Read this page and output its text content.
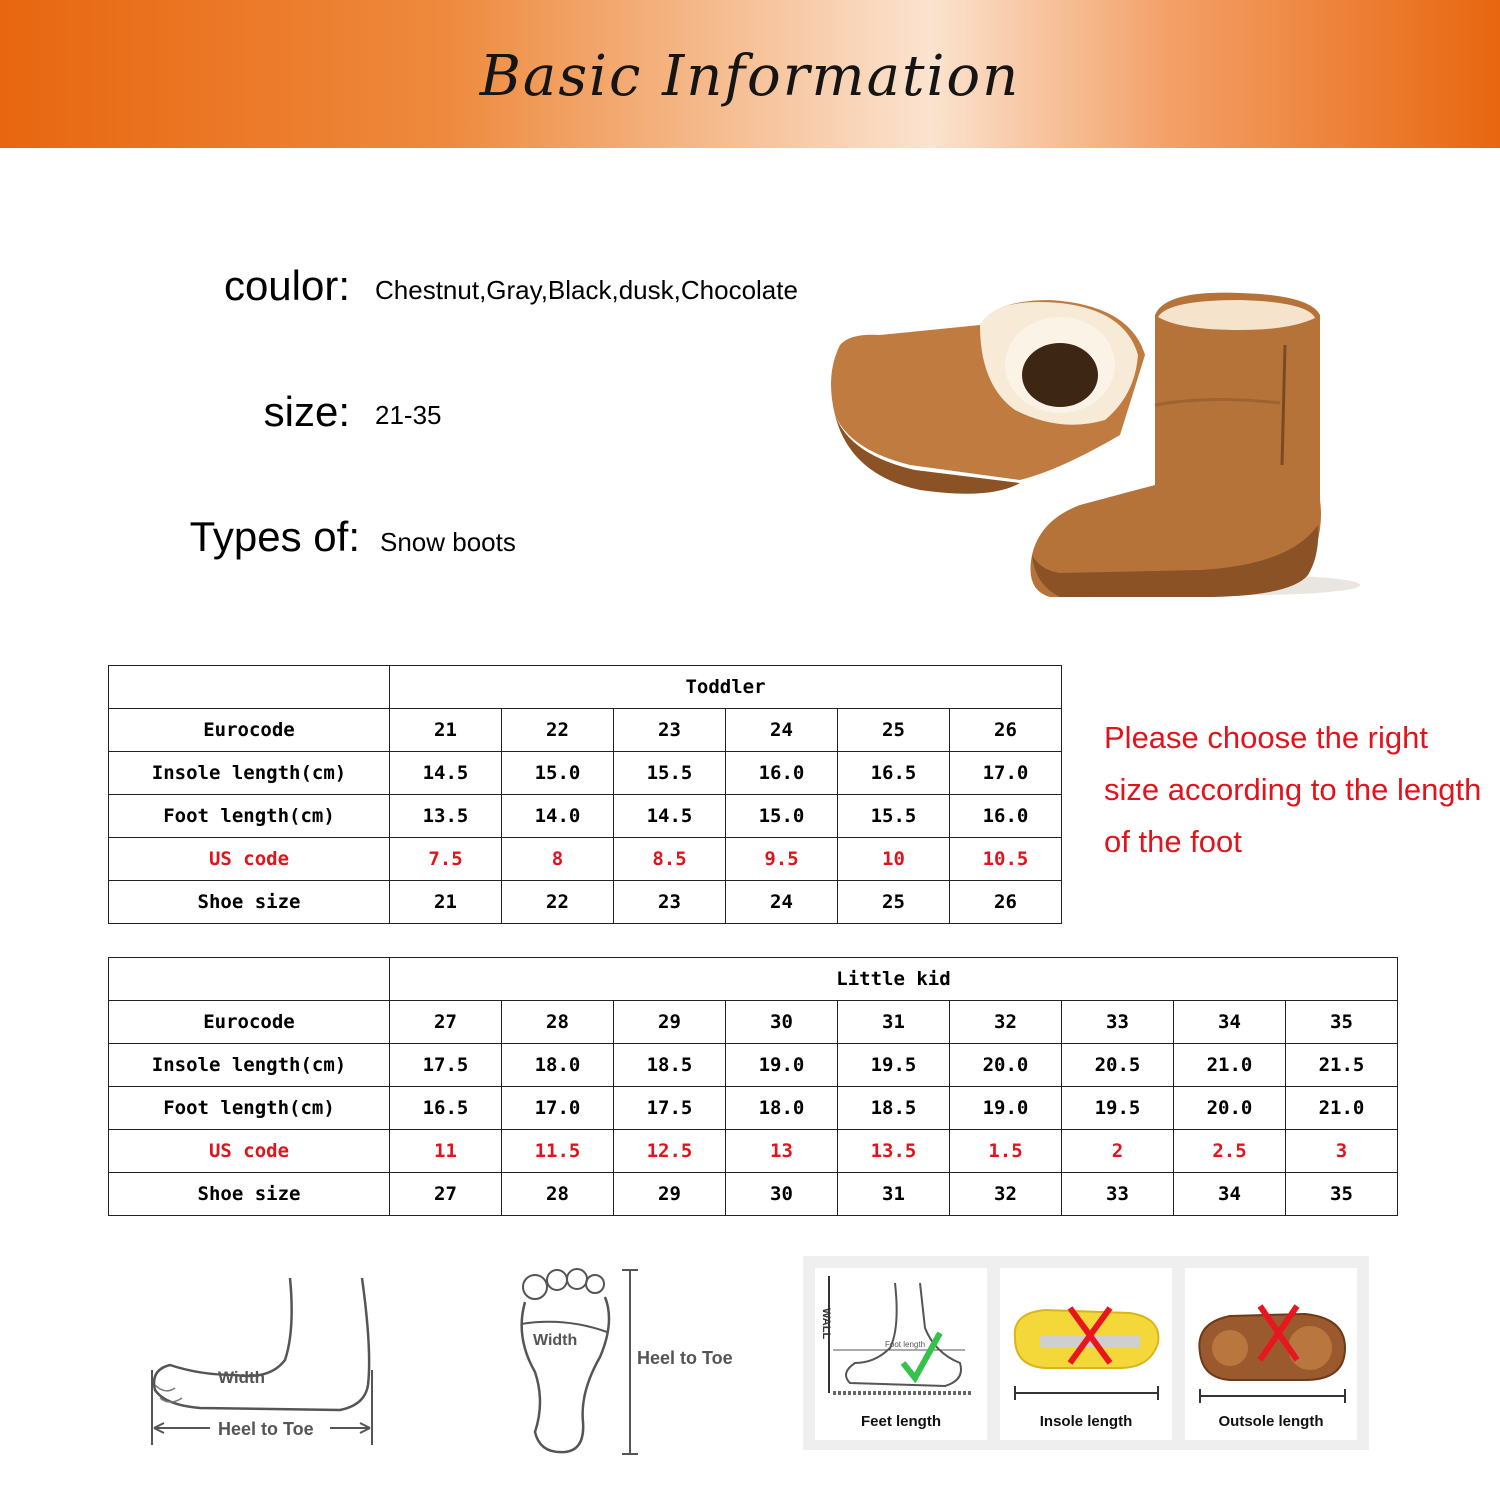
Basic Information
coulor: Chestnut,Gray,Black,dusk,Chocolate
size: 21-35
Types of: Snow boots
	Toddler					
Eurocode	21	22	23	24	25	26
Insole length(cm)	14.5	15.0	15.5	16.0	16.5	17.0
Foot length(cm)	13.5	14.0	14.5	15.0	15.5	16.0
US code	7.5	8	8.5	9.5	10	10.5
Shoe size	21	22	23	24	25	26
Please choose the right size according to the length of the foot
	Little kid								
Eurocode	27	28	29	30	31	32	33	34	35
Insole length(cm)	17.5	18.0	18.5	19.0	19.5	20.0	20.5	21.0	21.5
Foot length(cm)	16.5	17.0	17.5	18.0	18.5	19.0	19.5	20.0	21.0
US code	11	11.5	12.5	13	13.5	1.5	2	2.5	3
Shoe size	27	28	29	30	31	32	33	34	35
Width
Heel to Toe
Width
Heel to Toe
WALL
Foot length
Feet length	Insole length	Outsole length
